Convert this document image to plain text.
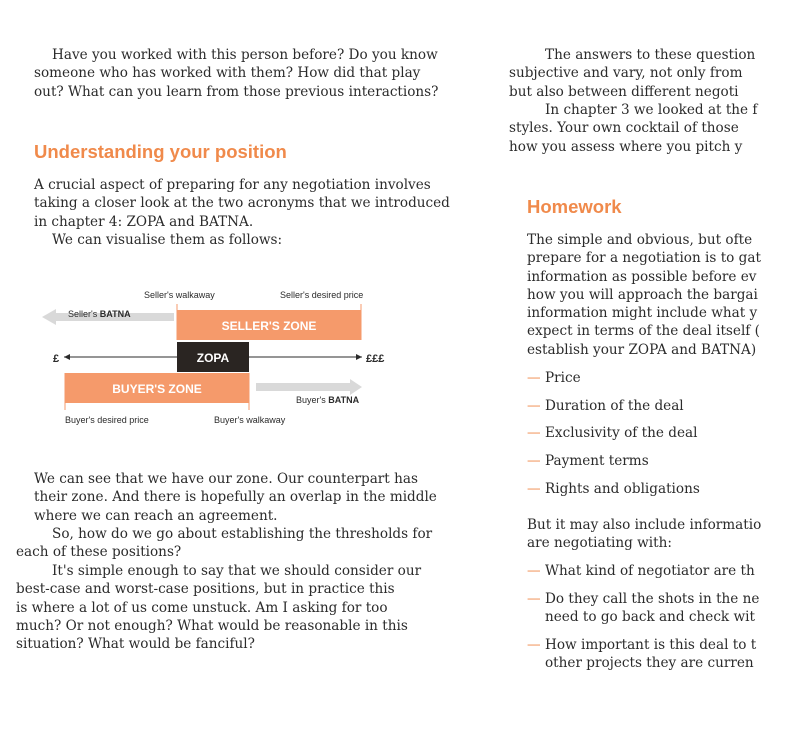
Have you worked with this person before? Do you know
someone who has worked with them? How did that play
out? What can you learn from those previous interactions?

Understanding your position

A crucial aspect of preparing for any negotiation involves
taking a closer look at the two acronyms that we introduced
in chapter 4: ZOPA and BATNA.

We can visualise them as follows:

Seller's walkaway	Seller's desired price
Seller's BATNA
SELLER'S ZONE
£	ZOPA	£££
BUYER'S ZONE
Buyer's BATNA
Buyer's desired price	Buyer's walkaway

We can see that we have our zone. Our counterpart has
their zone. And there is hopefully an overlap in the middle
where we can reach an agreement.

So, how do we go about establishing the thresholds for
each of these positions?

It's simple enough to say that we should consider our
best-case and worst-case positions, but in practice this
is where a lot of us come unstuck. Am I asking for too
much? Or not enough? What would be reasonable in this
situation? What would be fanciful?

The answers to these question
subjective and vary, not only from
but also between different negoti

In chapter 3 we looked at the f
styles. Your own cocktail of those
how you assess where you pitch y

Homework

The simple and obvious, but ofte
prepare for a negotiation is to gat
information as possible before ev
how you will approach the bargai
information might include what y
expect in terms of the deal itself (
establish your ZOPA and BATNA)

— Price
— Duration of the deal
— Exclusivity of the deal
— Payment terms
— Rights and obligations

But it may also include informatio
are negotiating with:

— What kind of negotiator are th
— Do they call the shots in the ne
need to go back and check wit
— How important is this deal to t
other projects they are curren
